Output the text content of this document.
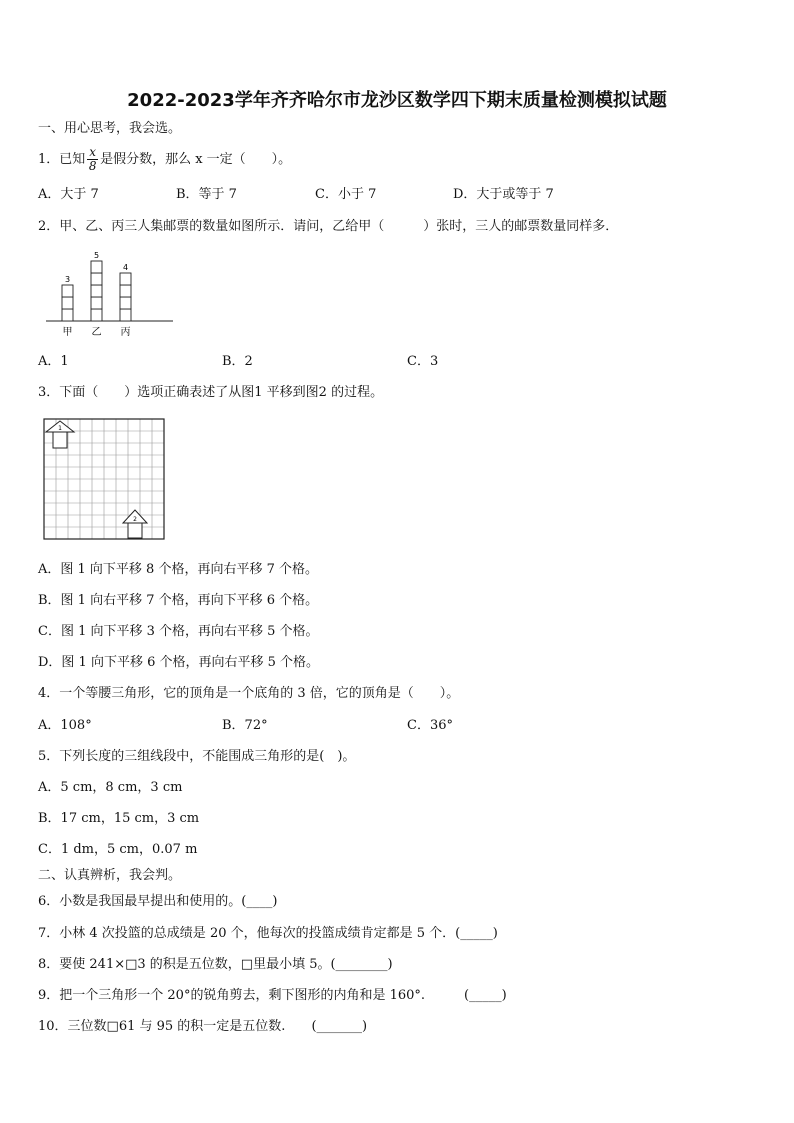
2022-2023学年齐齐哈尔市龙沙区数学四下期末质量检测模拟试题
一、用心思考，我会选。
1．已知 $\frac{x}{8}$ 是假分数，那么 x 一定（　　）。
A．大于 7	B．等于 7	C．小于 7	D．大于或等于 7
2．甲、乙、丙三人集邮票的数量如图所示．请问，乙给甲（　　　）张时，三人的邮票数量同样多．
3
甲
5
乙
4
丙
A．1	B．2	C．3
3．下面（　　）选项正确表述了从图1 平移到图2 的过程。
1
2
A．图 1 向下平移 8 个格，再向右平移 7 个格。
B．图 1 向右平移 7 个格，再向下平移 6 个格。
C．图 1 向下平移 3 个格，再向右平移 5 个格。
D．图 1 向下平移 6 个格，再向右平移 5 个格。
4．一个等腰三角形，它的顶角是一个底角的 3 倍，它的顶角是（　　）。
A．108°	B．72°	C．36°
5．下列长度的三组线段中，不能围成三角形的是(　)。
A．5 cm，8 cm，3 cm
B．17 cm，15 cm，3 cm
C．1 dm，5 cm，0.07 m
二、认真辨析，我会判。
6．小数是我国最早提出和使用的。(____)
7．小林 4 次投篮的总成绩是 20 个，他每次的投篮成绩肯定都是 5 个．(_____)
8．要使 241×□3 的积是五位数，□里最小填 5。(________)
9．把一个三角形一个 20°的锐角剪去，剩下图形的内角和是 160°.　　　(_____)
10．三位数□61 与 95 的积一定是五位数.　　(_______)
